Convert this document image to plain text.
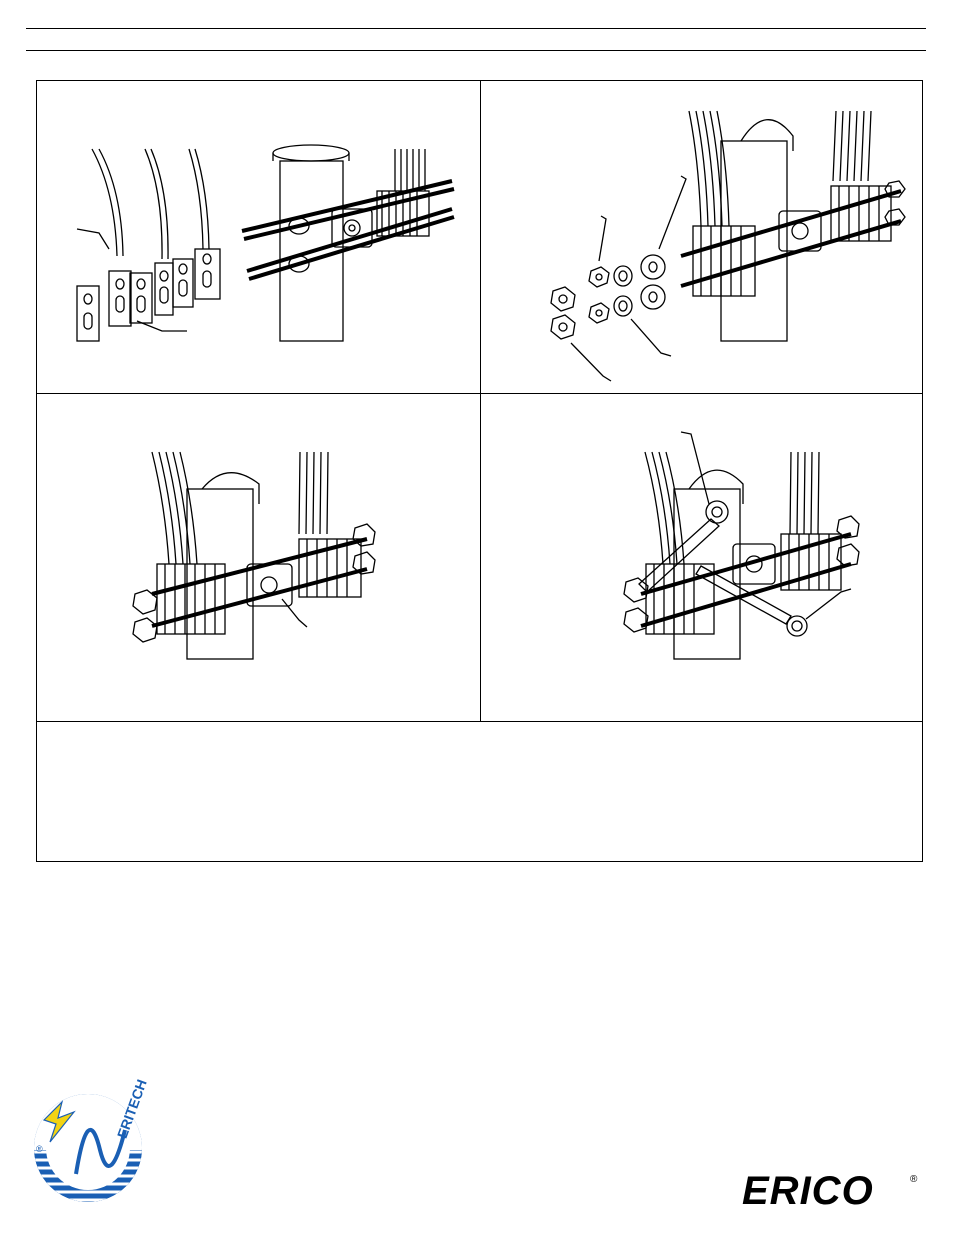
ERITECH
®
ERICO	®
